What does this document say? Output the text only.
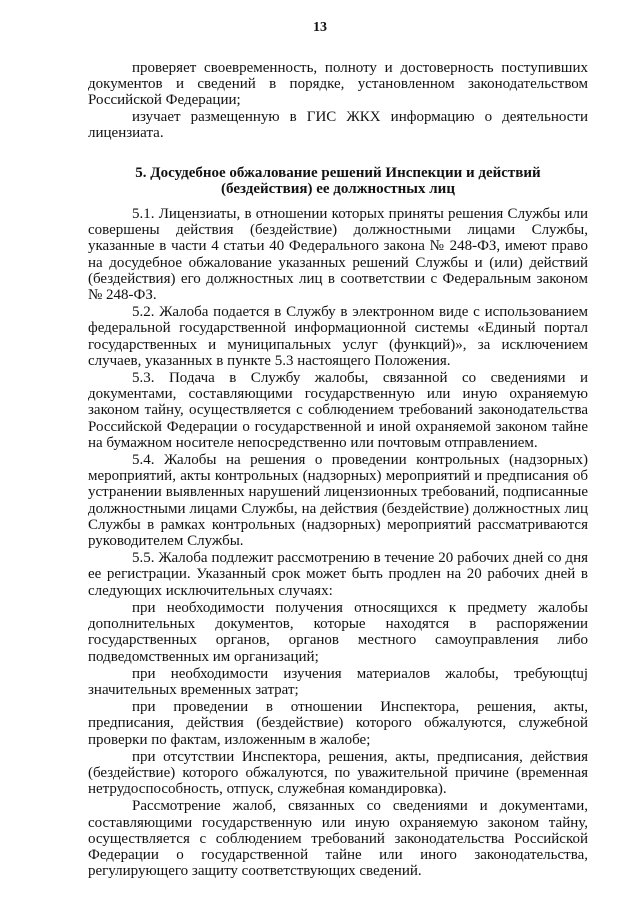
13

проверяет своевременность, полноту и достоверность поступивших документов и сведений в порядке, установленном законодательством Российской Федерации;

изучает размещенную в ГИС ЖКХ информацию о деятельности лицензиата.

5. Досудебное обжалование решений Инспекции и действий
(бездействия) ее должностных лиц

5.1. Лицензиаты, в отношении которых приняты решения Службы или совершены действия (бездействие) должностными лицами Службы, указанные в части 4 статьи 40 Федерального закона № 248-ФЗ, имеют право на досудебное обжалование указанных решений Службы и (или) действий (бездействия) его должностных лиц в соответствии с Федеральным законом № 248-ФЗ.

5.2. Жалоба подается в Службу в электронном виде с использованием федеральной государственной информационной системы «Единый портал государственных и муниципальных услуг (функций)», за исключением случаев, указанных в пункте 5.3 настоящего Положения.

5.3. Подача в Службу жалобы, связанной со сведениями и документами, составляющими государственную или иную охраняемую законом тайну, осуществляется с соблюдением требований законодательства Российской Федерации о государственной и иной охраняемой законом тайне на бумажном носителе непосредственно или почтовым отправлением.

5.4. Жалобы на решения о проведении контрольных (надзорных) мероприятий, акты контрольных (надзорных) мероприятий и предписания об устранении выявленных нарушений лицензионных требований, подписанные должностными лицами Службы, на действия (бездействие) должностных лиц Службы в рамках контрольных (надзорных) мероприятий рассматриваются руководителем Службы.

5.5. Жалоба подлежит рассмотрению в течение 20 рабочих дней со дня ее регистрации. Указанный срок может быть продлен на 20 рабочих дней в следующих исключительных случаях:

при необходимости получения относящихся к предмету жалобы дополнительных документов, которые находятся в распоряжении государственных органов, органов местного самоуправления либо подведомственных им организаций;

при необходимости изучения материалов жалобы, требующtuj значительных временных затрат;

при проведении в отношении Инспектора, решения, акты, предписания, действия (бездействие) которого обжалуются, служебной проверки по фактам, изложенным в жалобе;

при отсутствии Инспектора, решения, акты, предписания, действия (бездействие) которого обжалуются, по уважительной причине (временная нетрудоспособность, отпуск, служебная командировка).

Рассмотрение жалоб, связанных со сведениями и документами, составляющими государственную или иную охраняемую законом тайну, осуществляется с соблюдением требований законодательства Российской Федерации о государственной тайне или иного законодательства, регулирующего защиту соответствующих сведений.
